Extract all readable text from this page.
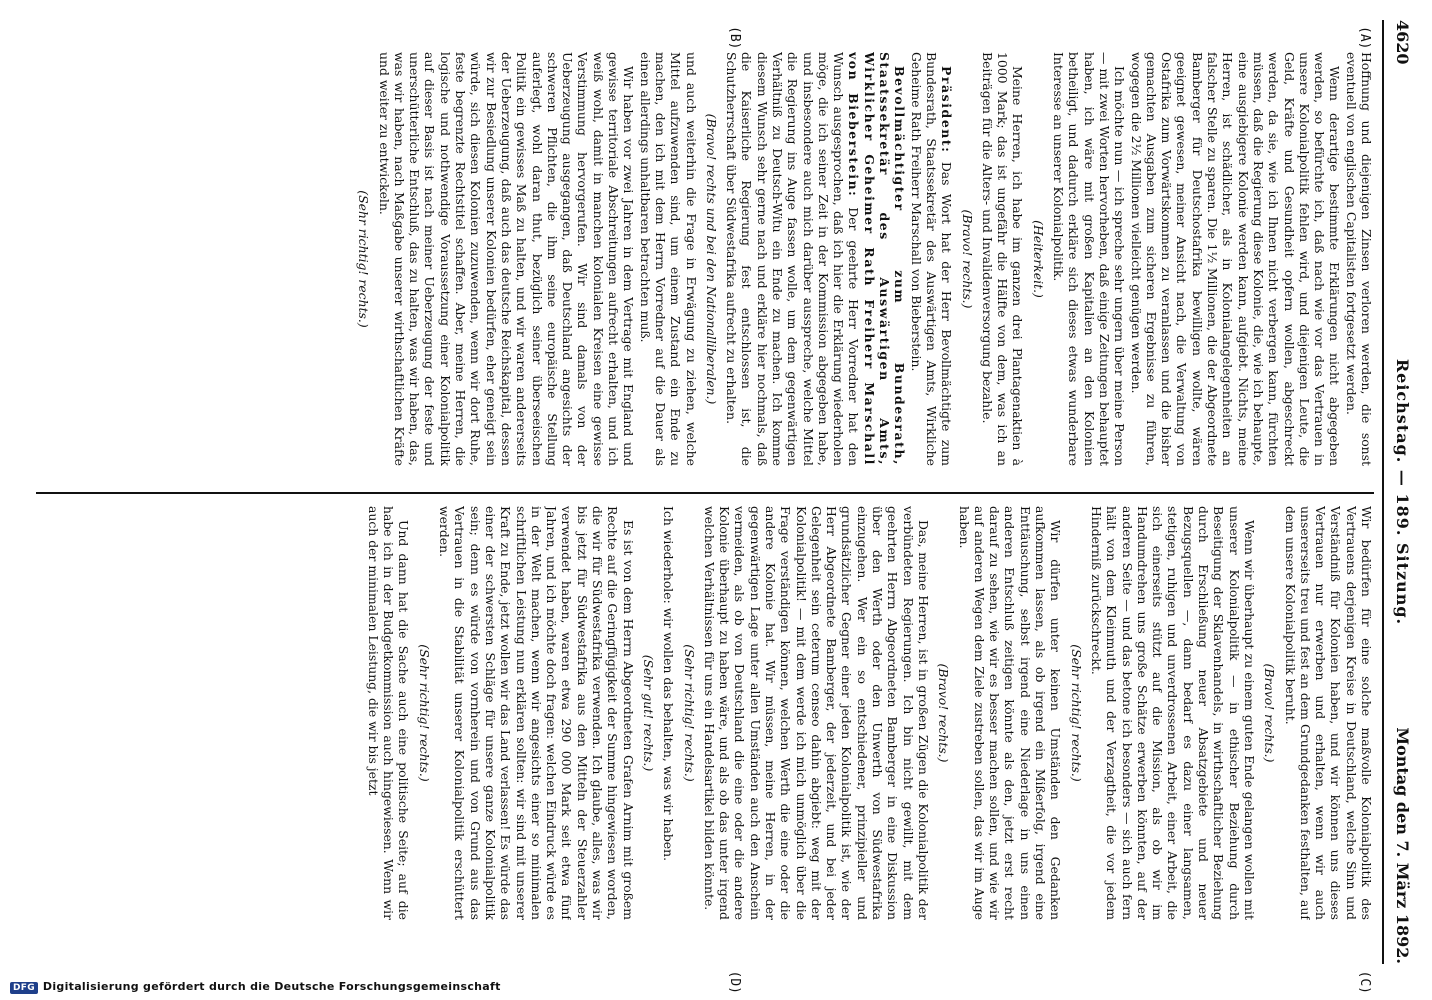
4620
Reichstag. — 189. Sitzung.
Montag den 7. März 1892.
(A)
(B)
(C)
(D)

Hoffnung und diejenigen Zinsen verloren werden, die sonst eventuell von englischen Capitalisten fortgesetzt werden.

Wenn derartige bestimmte Erklärungen nicht abgegeben werden, so befürchte ich, daß nach wie vor das Vertrauen in unsere Kolonialpolitik fehlen wird, und diejenigen Leute, die Geld, Kräfte und Gesundheit opfern wollen, abgeschreckt werden, da sie, wie ich Ihnen nicht verbergen kann, fürchten müssen, daß die Regierung diese Kolonie, die, wie ich behaupte, eine ausgiebigere Kolonie werden kann, aufgiebt. Nichts, meine Herren, ist schädlicher, als in Kolonialangelegenheiten an falscher Stelle zu sparen. Die 1½ Millionen, die der Abgeordnete Bamberger für Deutschostafrika bewilligen wollte, wären geeignet gewesen, meiner Ansicht nach, die Verwaltung von Ostafrika zum Vorwärtskommen zu veranlassen und die bisher gemachten Ausgaben zum sicheren Ergebnisse zu führen, wogegen die 2½ Millionen vielleicht genügen werden.

Ich möchte nun — ich spreche sehr ungern über meine Person — mit zwei Worten hervorheben, daß einige Zeitungen behauptet haben, ich wäre mit großen Kapitalien an den Kolonien betheiligt, und dadurch erkläre sich dieses etwas wunderbare Interesse an unserer Kolonialpolitik.

(Heiterkeit.)

Meine Herren, ich habe im ganzen drei Plantagenaktien à 1000 Mark; das ist ungefähr die Hälfte von dem, was ich an Beiträgen für die Alters- und Invalidenversorgung bezahle.

(Bravo! rechts.)

Präsident: Das Wort hat der Herr Bevollmächtigte zum Bundesrath, Staatssekretär des Auswärtigen Amts, Wirkliche Geheime Rath Freiherr Marschall von Bieberstein.

Bevollmächtigter zum Bundesrath, Staatssekretär des Auswärtigen Amts, Wirklicher Geheimer Rath Freiherr Marschall von Bieberstein: Der geehrte Herr Vorredner hat den Wunsch ausgesprochen, daß ich hier die Erklärung wiederholen möge, die ich seiner Zeit in der Kommission abgegeben habe, und insbesondere auch mich darüber ausspreche, welche Mittel die Regierung ins Auge fassen wolle, um dem gegenwärtigen Verhältniß zu Deutsch-Witu ein Ende zu machen. Ich komme diesem Wunsch sehr gerne nach und erkläre hier nochmals, daß die Kaiserliche Regierung fest entschlossen ist, die Schutzherrschaft über Südwestafrika aufrecht zu erhalten.

(Bravo! rechts und bei den Nationalliberalen.)

und auch weiterhin die Frage in Erwägung zu ziehen, welche Mittel aufzuwenden sind, um einem Zustand ein Ende zu machen, den ich mit dem Herrn Vorredner auf die Dauer als einen allerdings unhaltbaren betrachten muß.

Wir haben vor zwei Jahren in dem Vertrage mit England und gewisse territoriale Abschreitungen aufrecht erhalten, und ich weiß wohl, damit in manchen kolonialen Kreisen eine gewisse Verstimmung hervorgerufen. Wir sind damals von der Ueberzeugung ausgegangen, daß Deutschland angesichts der schweren Pflichten, die ihm seine europäische Stellung auferlegt, wohl daran thut, bezüglich seiner überseeischen Politik ein gewisses Maß zu halten, und wir waren andererseits der Ueberzeugung, daß auch das deutsche Reichskapital, dessen wir zur Besiedlung unserer Kolonien bedürfen, eher geneigt sein würde, sich diesen Kolonien zuzuwenden, wenn wir dort Ruhe, feste begrenzte Rechtstitel schaffen. Aber, meine Herren, die logische und nothwendige Voraussetzung einer Kolonialpolitik auf dieser Basis ist nach meiner Ueberzeugung der feste und unerschütterliche Entschluß, das zu halten, was wir haben, das, was wir haben, nach Maßgabe unserer wirthschaftlichen Kräfte und weiter zu entwickeln.

(Sehr richtig! rechts.)

Wir bedürfen für eine solche maßvolle Kolonialpolitik des Vertrauens derjenigen Kreise in Deutschland, welche Sinn und Verständniß für Kolonien haben, und wir können uns dieses Vertrauen nur erwerben und erhalten, wenn wir auch unsererseits treu und fest an dem Grundgedanken festhalten, auf dem unsere Kolonialpolitik beruht.

(Bravo! rechts.)

Wenn wir überhaupt zu einem guten Ende gelangen wollen mit unserer Kolonialpolitik — in ethischer Beziehung durch Beseitigung der Sklavenhandels, in wirthschaftlicher Beziehung durch Erschließung neuer Absatzgebiete und neuer Bezugsquellen —, dann bedarf es dazu einer langsamen, stetigen, ruhigen und unverdrossenen Arbeit, einer Arbeit, die sich einerseits stützt auf die Mission, als ob wir im Handumdrehen uns große Schätze erwerben könnten, auf der anderen Seite — und das betone ich besonders — sich auch fern hält von dem Kleinmuth und der Verzagtheit, die vor jedem Hinderniß zurückschreckt.

(Sehr richtig! rechts.)

Wir dürfen unter keinen Umständen den Gedanken aufkommen lassen, als ob irgend ein Mißerfolg, irgend eine Enttäuschung, selbst irgend eine Niederlage in uns einen anderen Entschluß zeitigen könnte als den, jetzt erst recht darauf zu sehen, wie wir es besser machen sollen, und wie wir auf anderen Wegen dem Ziele zustreben sollen, das wir im Auge haben.

(Bravo! rechts.)

Das, meine Herren, ist in großen Zügen die Kolonialpolitik der verbündeten Regierungen. Ich bin nicht gewillt, mit dem geehrten Herrn Abgeordneten Bamberger in eine Diskussion über den Werth oder den Unwerth von Südwestafrika einzugehen. Wer ein so entschiedener, prinzipieller und grundsätzlicher Gegner einer jeden Kolonialpolitik ist, wie der Herr Abgeordnete Bamberger, der jederzeit, und bei jeder Gelegenheit sein ceterum censeo dahin abgiebt: weg mit der Kolonialpolitik! — mit dem werde ich mich unmöglich über die Frage verständigen können, welchen Werth die eine oder die andere Kolonie hat. Wir müssen, meine Herren, in der gegenwärtigen Lage unter allen Umständen auch den Anschein vermeiden, als ob von Deutschland die eine oder die andere Kolonie überhaupt zu haben wäre, und als ob das unter irgend welchen Verhältnissen für uns ein Handelsartikel bilden könnte.

(Sehr richtig! rechts.)

Ich wiederhole: wir wollen das behalten, was wir haben.

(Sehr gut! rechts.)

Es ist von dem Herrn Abgeordneten Grafen Arnim mit großem Rechte auf die Geringfügigkeit der Summe hingewiesen worden, die wir für Südwestafrika verwenden. Ich glaube, alles, was wir bis jetzt für Südwestafrika aus den Mitteln der Steuerzahler verwendet haben, waren etwa 290 000 Mark seit etwa fünf Jahren, und ich möchte doch fragen: welchen Eindruck würde es in der Welt machen, wenn wir angesichts einer so minimalen schriftlichen Leistung nun erklären sollten: wir sind mit unserer Kraft zu Ende, jetzt wollen wir das Land verlassen! Es würde das einer der schwersten Schläge für unsere ganze Kolonialpolitik sein; denn es würde von vornherein und von Grund aus das Vertrauen in die Stabilität unserer Kolonialpolitik erschüttert werden.

(Sehr richtig! rechts.)

Und dann hat die Sache auch eine politische Seite; auf die habe ich in der Budgetkommission auch hingewiesen. Wenn wir auch der minimalen Leistung, die wir bis jetzt

DFG Digitalisierung gefördert durch die Deutsche Forschungsgemeinschaft
